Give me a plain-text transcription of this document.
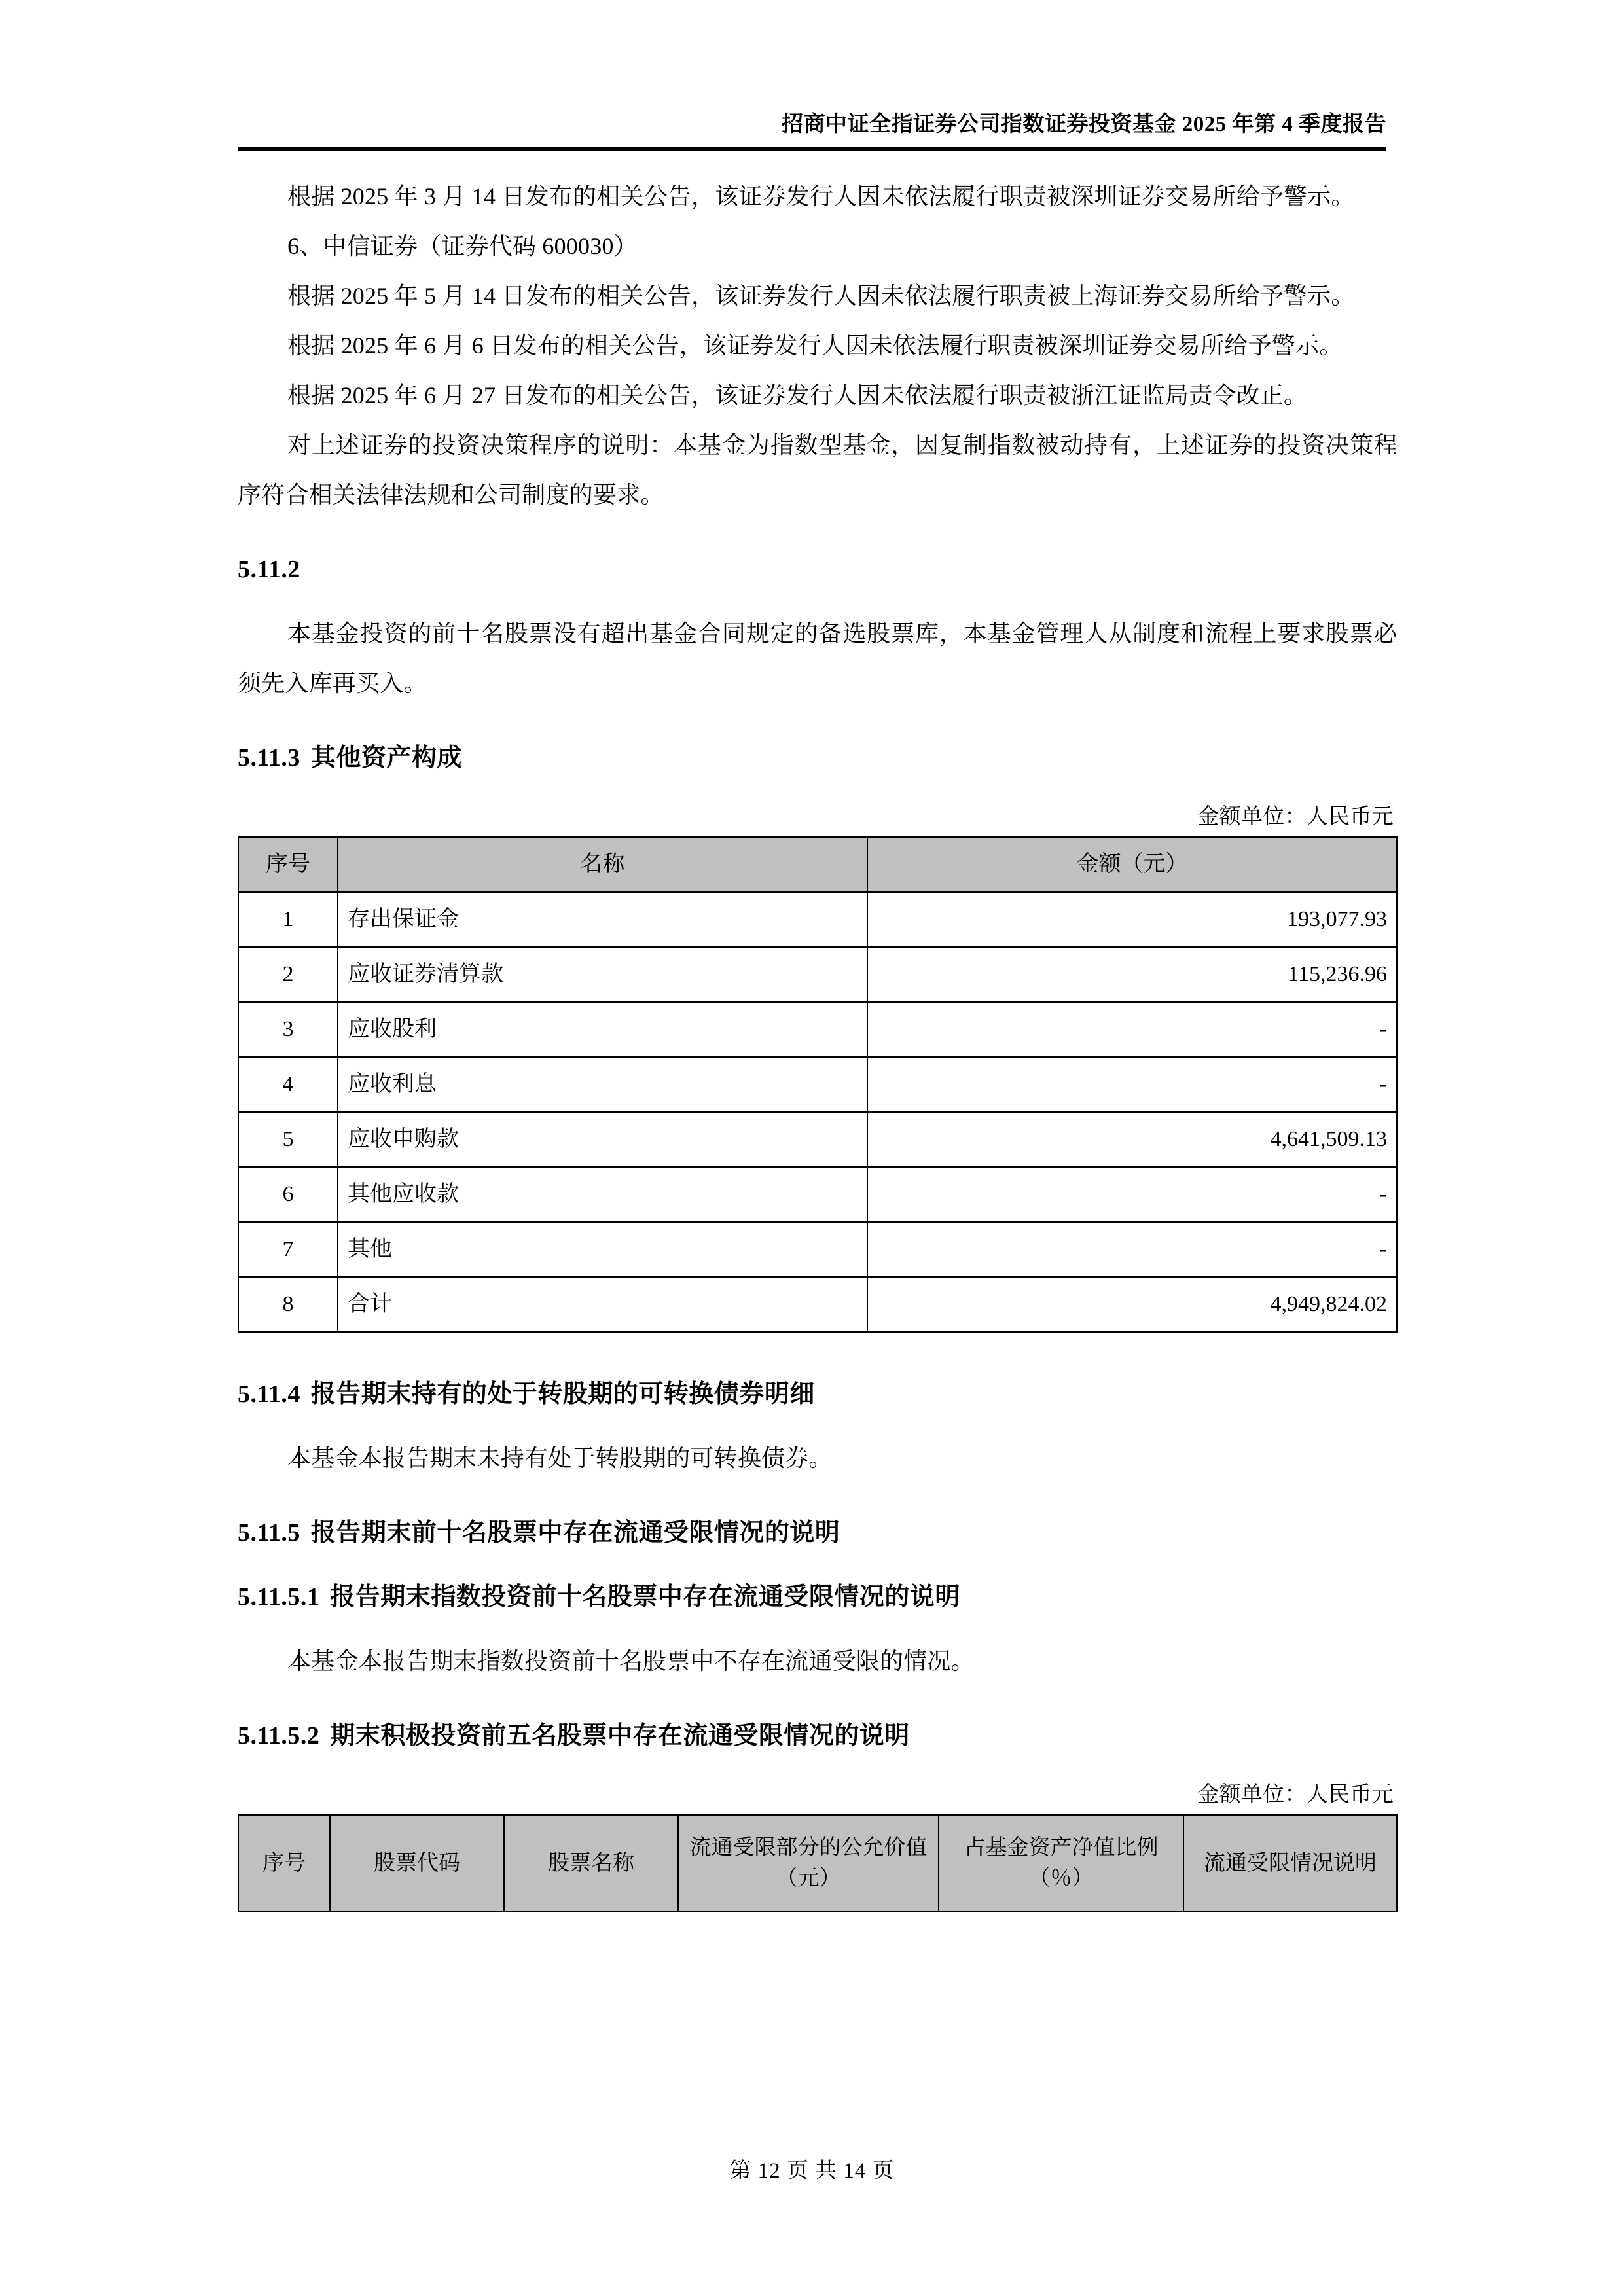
招商中证全指证券公司指数证券投资基金 2025 年第 4 季度报告

根据 2025 年 3 月 14 日发布的相关公告，该证券发行人因未依法履行职责被深圳证券交易所给予警示。

6、中信证券（证券代码 600030）

根据 2025 年 5 月 14 日发布的相关公告，该证券发行人因未依法履行职责被上海证券交易所给予警示。

根据 2025 年 6 月 6 日发布的相关公告，该证券发行人因未依法履行职责被深圳证券交易所给予警示。

根据 2025 年 6 月 27 日发布的相关公告，该证券发行人因未依法履行职责被浙江证监局责令改正。

对上述证券的投资决策程序的说明：本基金为指数型基金，因复制指数被动持有，上述证券的投资决策程序符合相关法律法规和公司制度的要求。

5.11.2

本基金投资的前十名股票没有超出基金合同规定的备选股票库，本基金管理人从制度和流程上要求股票必须先入库再买入。

5.11.3 其他资产构成
金额单位：人民币元
序号	名称	金额（元）
1	存出保证金	193,077.93
2	应收证券清算款	115,236.96
3	应收股利	-
4	应收利息	-
5	应收申购款	4,641,509.13
6	其他应收款	-
7	其他	-
8	合计	4,949,824.02
5.11.4 报告期末持有的处于转股期的可转换债券明细

本基金本报告期末未持有处于转股期的可转换债券。

5.11.5 报告期末前十名股票中存在流通受限情况的说明
5.11.5.1 报告期末指数投资前十名股票中存在流通受限情况的说明

本基金本报告期末指数投资前十名股票中不存在流通受限的情况。

5.11.5.2 期末积极投资前五名股票中存在流通受限情况的说明
金额单位：人民币元
序号	股票代码	股票名称	流通受限部分的公允价值（元）	占基金资产净值比例（％）	流通受限情况说明
第 12 页 共 14 页
